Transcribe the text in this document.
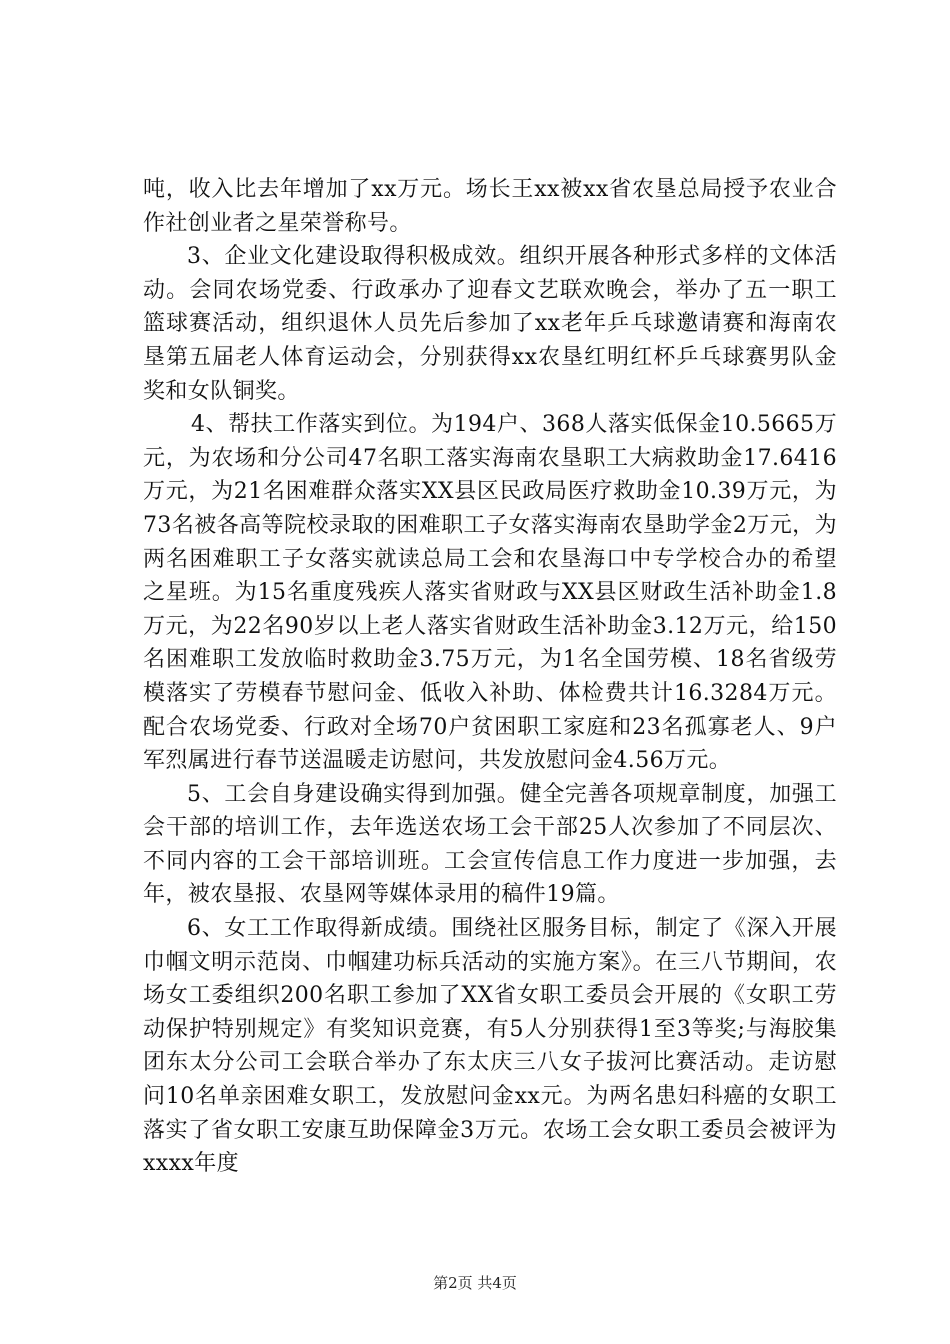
吨，收入比去年增加了xx万元。场长王xx被xx省农垦总局授予农业合作社创业者之星荣誉称号。

3、企业文化建设取得积极成效。组织开展各种形式多样的文体活动。会同农场党委、行政承办了迎春文艺联欢晚会，举办了五一职工篮球赛活动，组织退休人员先后参加了xx老年乒乓球邀请赛和海南农垦第五届老人体育运动会，分别获得xx农垦红明红杯乒乓球赛男队金奖和女队铜奖。

4、帮扶工作落实到位。为194户、368人落实低保金10.5665万元，为农场和分公司47名职工落实海南农垦职工大病救助金17.6416万元，为21名困难群众落实XX县区民政局医疗救助金10.39万元，为73名被各高等院校录取的困难职工子女落实海南农垦助学金2万元，为两名困难职工子女落实就读总局工会和农垦海口中专学校合办的希望之星班。为15名重度残疾人落实省财政与XX县区财政生活补助金1.8万元，为22名90岁以上老人落实省财政生活补助金3.12万元，给150名困难职工发放临时救助金3.75万元，为1名全国劳模、18名省级劳模落实了劳模春节慰问金、低收入补助、体检费共计16.3284万元。配合农场党委、行政对全场70户贫困职工家庭和23名孤寡老人、9户军烈属进行春节送温暖走访慰问，共发放慰问金4.56万元。

5、工会自身建设确实得到加强。健全完善各项规章制度，加强工会干部的培训工作，去年选送农场工会干部25人次参加了不同层次、不同内容的工会干部培训班。工会宣传信息工作力度进一步加强，去年，被农垦报、农垦网等媒体录用的稿件19篇。

6、女工工作取得新成绩。围绕社区服务目标，制定了《深入开展巾帼文明示范岗、巾帼建功标兵活动的实施方案》。在三八节期间，农场女工委组织200名职工参加了XX省女职工委员会开展的《女职工劳动保护特别规定》有奖知识竞赛，有5人分别获得1至3等奖;与海胶集团东太分公司工会联合举办了东太庆三八女子拔河比赛活动。走访慰问10名单亲困难女职工，发放慰问金xx元。为两名患妇科癌的女职工落实了省女职工安康互助保障金3万元。农场工会女职工委员会被评为xxxx年度

第2页 共4页
